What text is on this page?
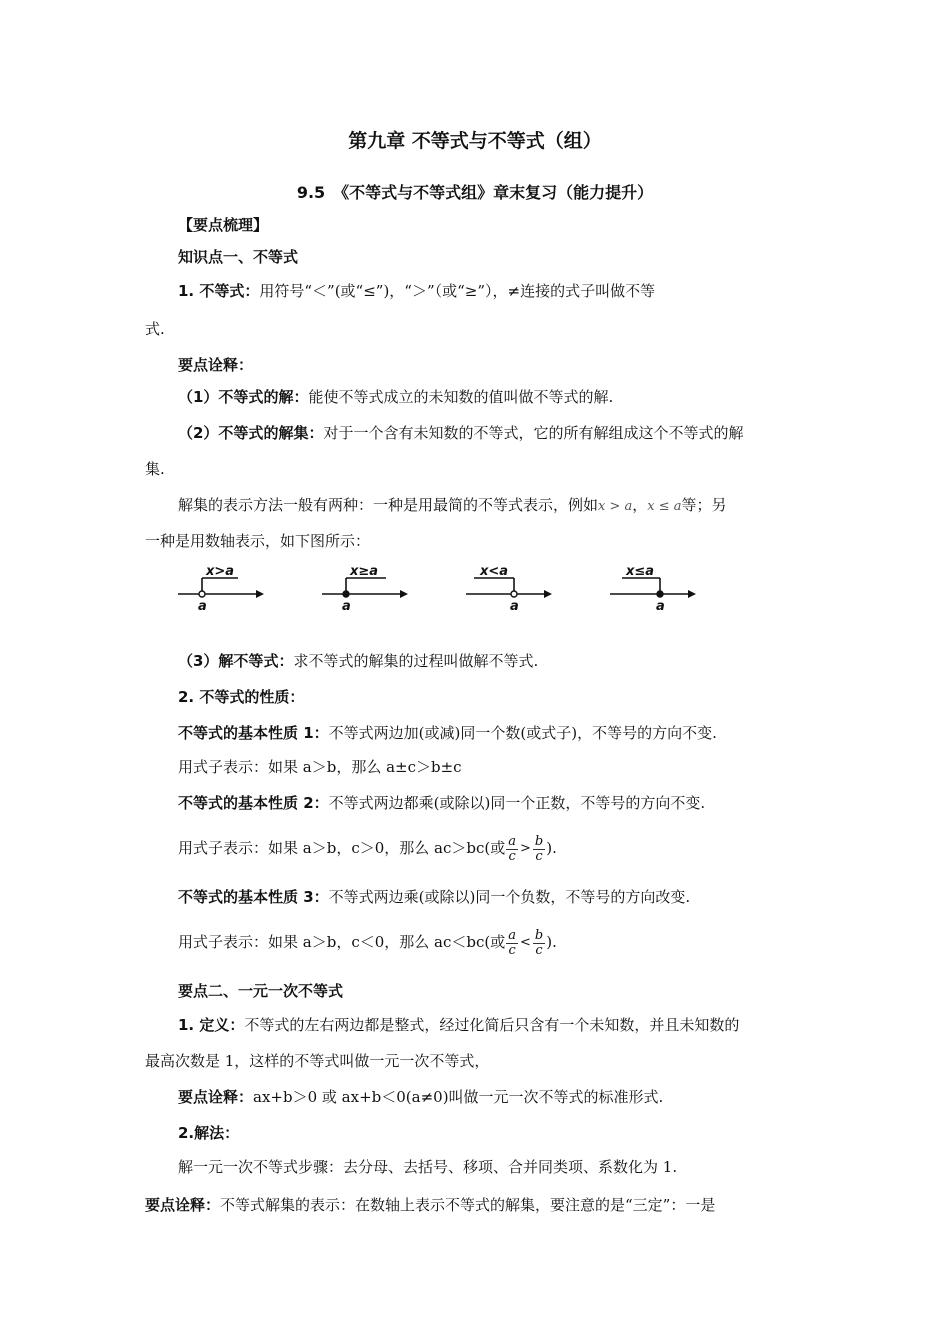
第九章 不等式与不等式（组）
9.5　《不等式与不等式组》章末复习（能力提升）
【要点梳理】
知识点一、不等式
1. 不等式：用符号“＜”(或“≤”)，“＞”（或“≥”），≠连接的式子叫做不等
式.
要点诠释：
（1）不等式的解：能使不等式成立的未知数的值叫做不等式的解.
（2）不等式的解集：对于一个含有未知数的不等式，它的所有解组成这个不等式的解
集.
解集的表示方法一般有两种：一种是用最简的不等式表示，例如x > a，x ≤ a等；另
一种是用数轴表示，如下图所示：
x>a
a
x≥a
a
x<a
a
x≤a
a
（3）解不等式：求不等式的解集的过程叫做解不等式.
2. 不等式的性质：
不等式的基本性质 1：不等式两边加(或减)同一个数(或式子)，不等号的方向不变.
用式子表示：如果 a＞b，那么 a±c＞b±c
不等式的基本性质 2：不等式两边都乘(或除以)同一个正数，不等号的方向不变.
用式子表示：如果 a＞b，c＞0，那么 ac＞bc(或 $\frac{a}{c} > \frac{b}{c}$ ).
不等式的基本性质 3：不等式两边乘(或除以)同一个负数，不等号的方向改变.
用式子表示：如果 a＞b，c＜0，那么 ac＜bc(或 $\frac{a}{c} < \frac{b}{c}$ ).
要点二、一元一次不等式
1. 定义：不等式的左右两边都是整式，经过化简后只含有一个未知数，并且未知数的
最高次数是 1，这样的不等式叫做一元一次不等式，
要点诠释：ax+b＞0 或 ax+b＜0(a≠0)叫做一元一次不等式的标准形式.
2.解法：
解一元一次不等式步骤：去分母、去括号、移项、合并同类项、系数化为 1.
要点诠释：不等式解集的表示：在数轴上表示不等式的解集，要注意的是“三定”：一是
